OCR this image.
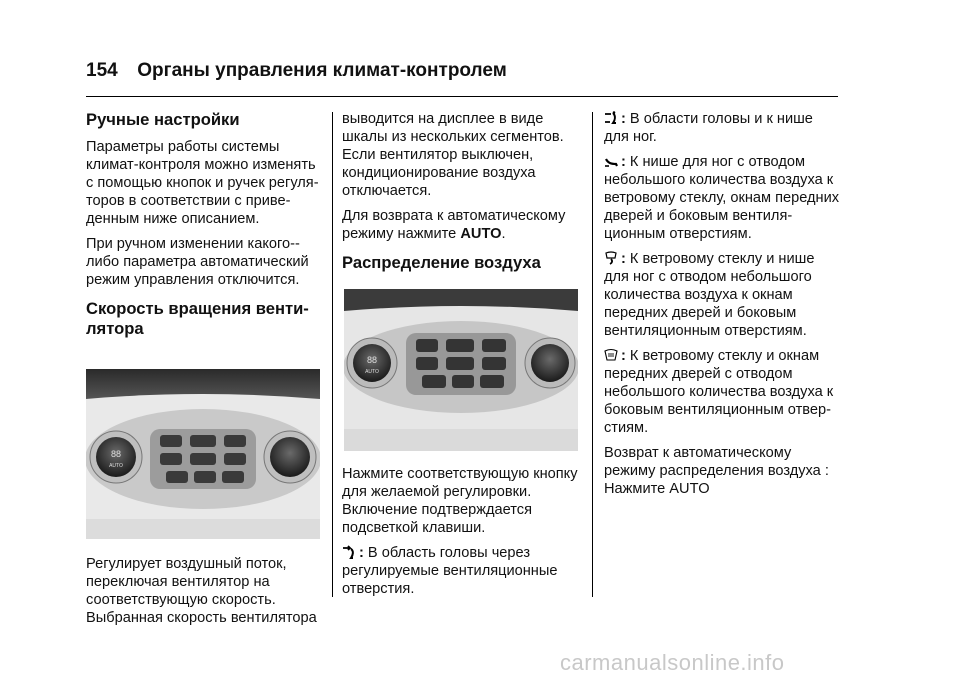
154 Органы управления климат-контролем
Ручные настройки

Параметры работы системы
климат-контроля можно изменять
с помощью кнопок и ручек регуля-
торов в соответствии с приве-
денным ниже описанием.

При ручном изменении какого--
либо параметра автоматический
режим управления отключится.

Скорость вращения венти-
лятора
88
AUTO

Регулирует воздушный поток,
переключая вентилятор на
соответствующую скорость.
Выбранная скорость вентилятора

выводится на дисплее в виде
шкалы из нескольких сегментов.
Если вентилятор выключен,
кондиционирование воздуха
отключается.

Для возврата к автоматическому
режиму нажмите AUTO.

Распределение воздуха
88
AUTO

Нажмите соответствующую кнопку
для желаемой регулировки.
Включение подтверждается
подсветкой клавиши.

: В область головы через
регулируемые вентиляционные
отверстия.

: В области головы и к нише
для ног.

: К нише для ног с отводом
небольшого количества воздуха к
ветровому стеклу, окнам передних
дверей и боковым вентиля-
ционным отверстиям.

: К ветровому стеклу и нише
для ног с отводом небольшого
количества воздуха к окнам
передних дверей и боковым
вентиляционным отверстиям.

: К ветровому стеклу и окнам
передних дверей с отводом
небольшого количества воздуха к
боковым вентиляционным отвер-
стиям.

Возврат к автоматическому
режиму распределения воздуха :
Нажмите AUTO

carmanualsonline.info
